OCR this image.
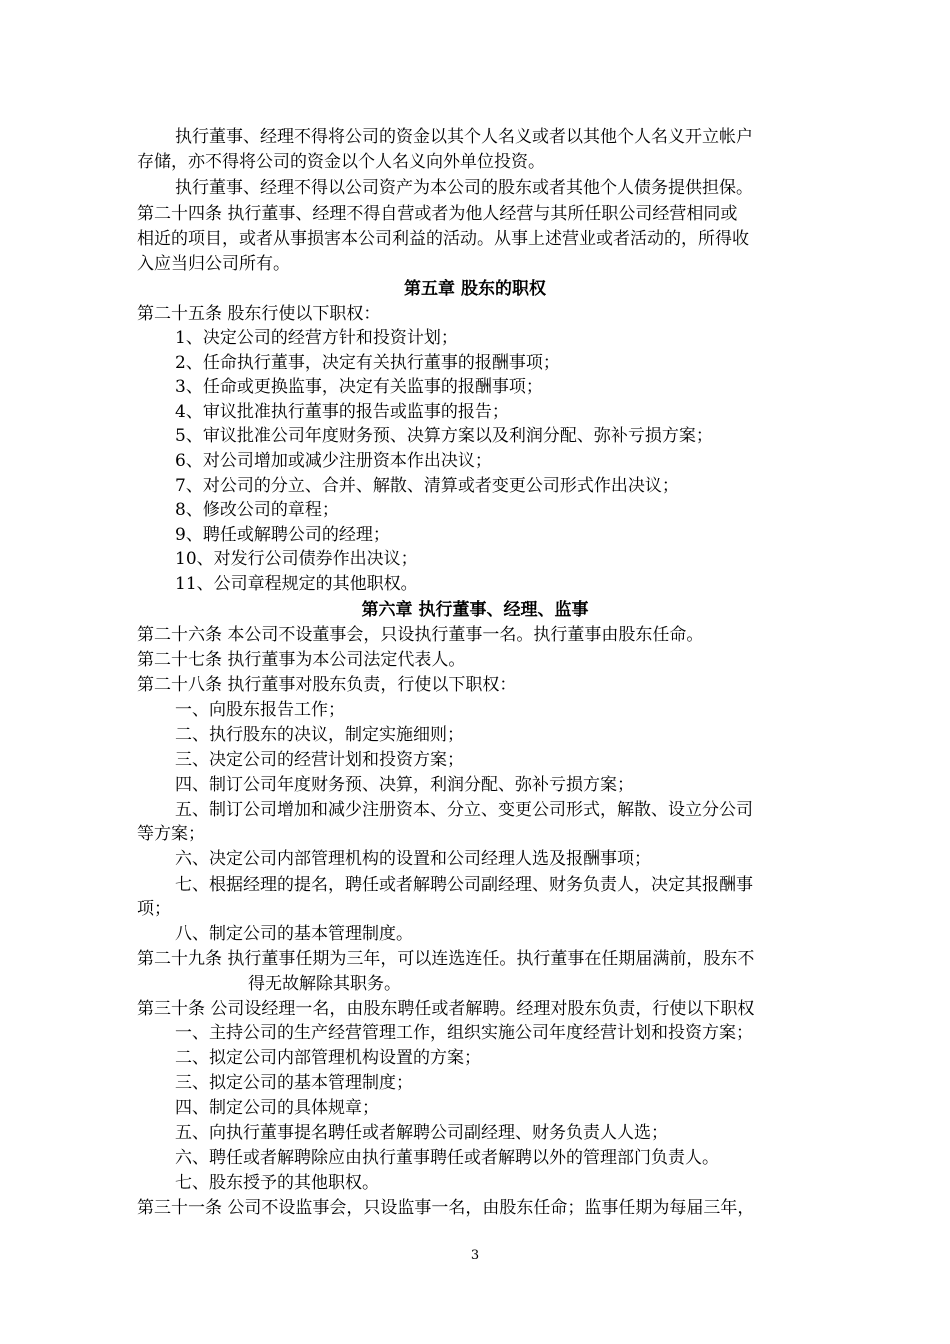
执行董事、经理不得将公司的资金以其个人名义或者以其他个人名义开立帐户
存储，亦不得将公司的资金以个人名义向外单位投资。
执行董事、经理不得以公司资产为本公司的股东或者其他个人债务提供担保。
第二十四条 执行董事、经理不得自营或者为他人经营与其所任职公司经营相同或
相近的项目，或者从事损害本公司利益的活动。从事上述营业或者活动的，所得收
入应当归公司所有。
第五章 股东的职权
第二十五条 股东行使以下职权：
1、决定公司的经营方针和投资计划；
2、任命执行董事，决定有关执行董事的报酬事项；
3、任命或更换监事，决定有关监事的报酬事项；
4、审议批准执行董事的报告或监事的报告；
5、审议批准公司年度财务预、决算方案以及利润分配、弥补亏损方案；
6、对公司增加或减少注册资本作出决议；
7、对公司的分立、合并、解散、清算或者变更公司形式作出决议；
8、修改公司的章程；
9、聘任或解聘公司的经理；
10、对发行公司债券作出决议；
11、公司章程规定的其他职权。
第六章 执行董事、经理、监事
第二十六条 本公司不设董事会，只设执行董事一名。执行董事由股东任命。
第二十七条 执行董事为本公司法定代表人。
第二十八条 执行董事对股东负责，行使以下职权：
一、向股东报告工作；
二、执行股东的决议，制定实施细则；
三、决定公司的经营计划和投资方案；
四、制订公司年度财务预、决算，利润分配、弥补亏损方案；
五、制订公司增加和减少注册资本、分立、变更公司形式，解散、设立分公司
等方案；
六、决定公司内部管理机构的设置和公司经理人选及报酬事项；
七、根据经理的提名，聘任或者解聘公司副经理、财务负责人，决定其报酬事
项；
八、制定公司的基本管理制度。
第二十九条 执行董事任期为三年，可以连选连任。执行董事在任期届满前，股东不
得无故解除其职务。
第三十条 公司设经理一名，由股东聘任或者解聘。经理对股东负责，行使以下职权
一、主持公司的生产经营管理工作，组织实施公司年度经营计划和投资方案；
二、拟定公司内部管理机构设置的方案；
三、拟定公司的基本管理制度；
四、制定公司的具体规章；
五、向执行董事提名聘任或者解聘公司副经理、财务负责人人选；
六、聘任或者解聘除应由执行董事聘任或者解聘以外的管理部门负责人。
七、股东授予的其他职权。
第三十一条 公司不设监事会，只设监事一名，由股东任命；监事任期为每届三年，
3
